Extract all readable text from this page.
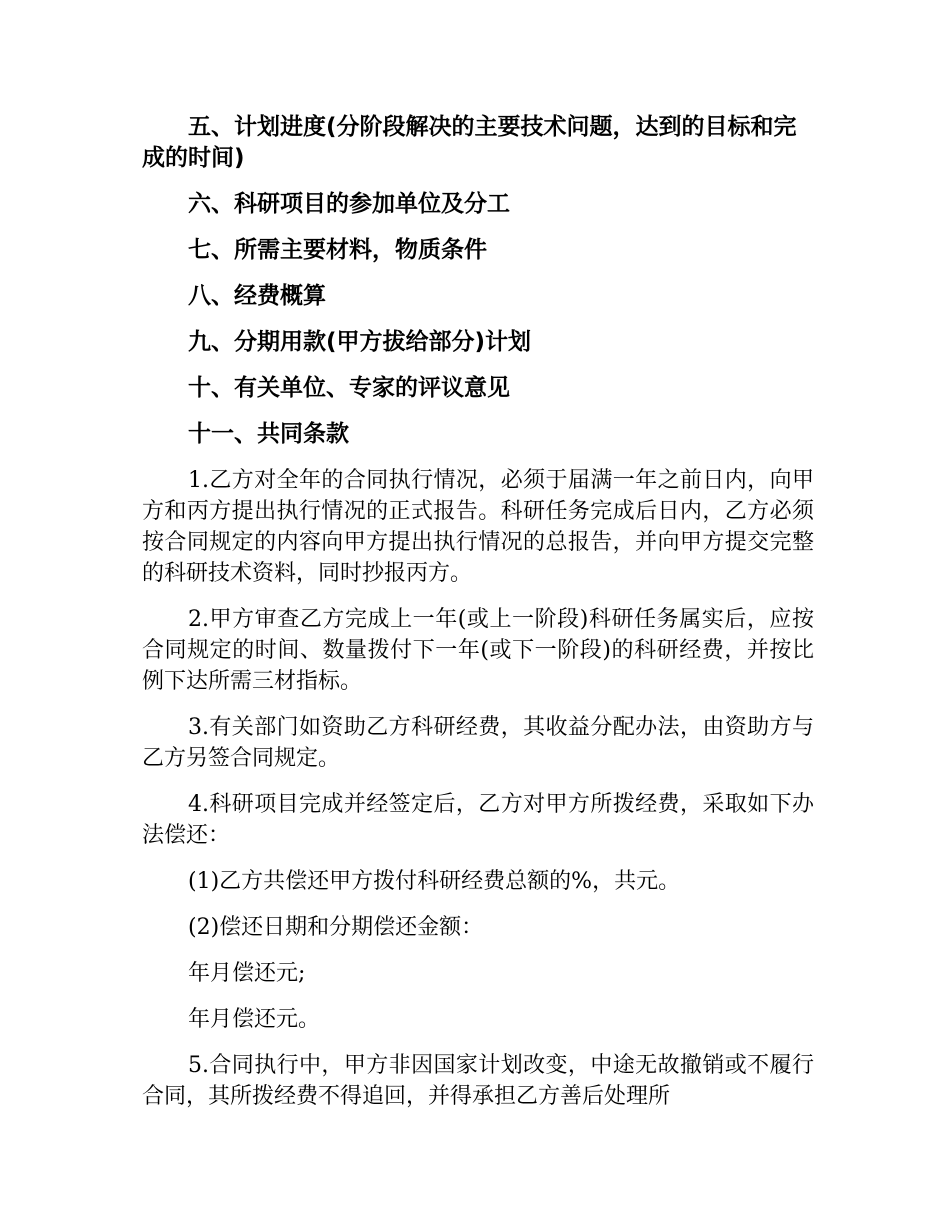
五、计划进度(分阶段解决的主要技术问题，达到的目标和完成的时间)

六、科研项目的参加单位及分工

七、所需主要材料，物质条件

八、经费概算

九、分期用款(甲方拔给部分)计划

十、有关单位、专家的评议意见

十一、共同条款

1.乙方对全年的合同执行情况，必须于届满一年之前日内，向甲方和丙方提出执行情况的正式报告。科研任务完成后日内，乙方必须按合同规定的内容向甲方提出执行情况的总报告，并向甲方提交完整的科研技术资料，同时抄报丙方。

2.甲方审查乙方完成上一年(或上一阶段)科研任务属实后，应按合同规定的时间、数量拨付下一年(或下一阶段)的科研经费，并按比例下达所需三材指标。

3.有关部门如资助乙方科研经费，其收益分配办法，由资助方与乙方另签合同规定。

4.科研项目完成并经签定后，乙方对甲方所拨经费，采取如下办法偿还：

(1)乙方共偿还甲方拨付科研经费总额的%，共元。

(2)偿还日期和分期偿还金额：

年月偿还元;

年月偿还元。

5.合同执行中，甲方非因国家计划改变，中途无故撤销或不履行合同，其所拨经费不得追回，并得承担乙方善后处理所
